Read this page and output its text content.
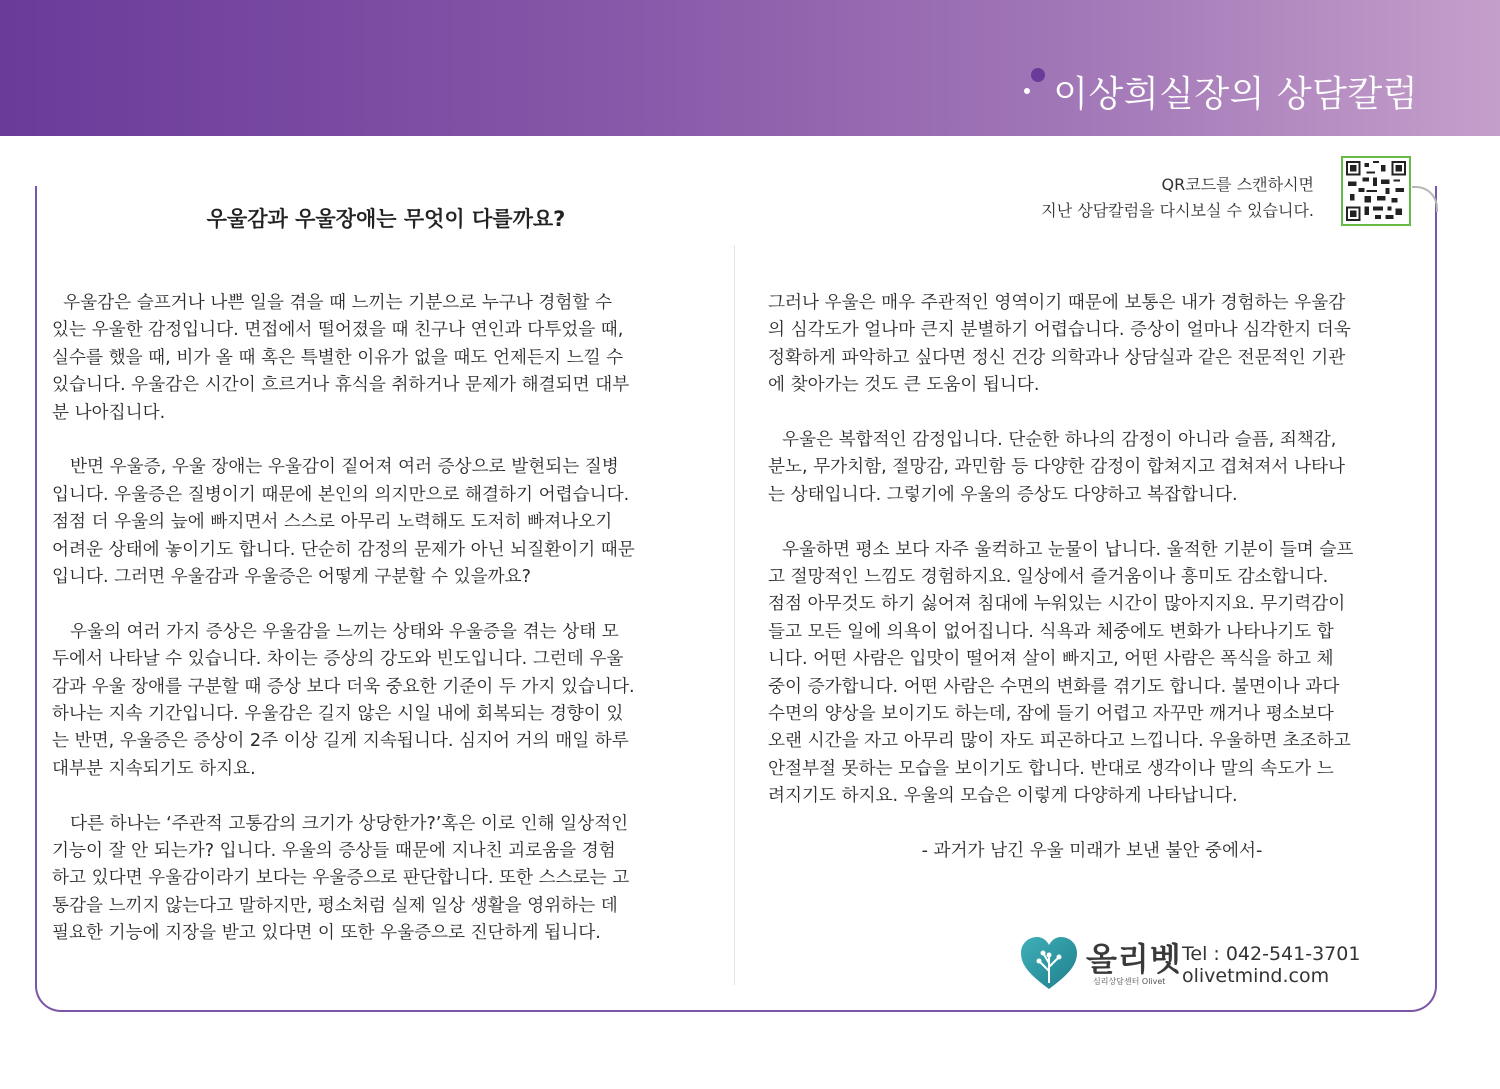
이상희실장의 상담칼럼
우울감과 우울장애는 무엇이 다를까요?
QR코드를 스캔하시면
지난 상담칼럼을 다시보실 수 있습니다.
우울감은 슬프거나 나쁜 일을 겪을 때 느끼는 기분으로 누구나 경험할 수
있는 우울한 감정입니다. 면접에서 떨어졌을 때 친구나 연인과 다투었을 때,
실수를 했을 때, 비가 올 때 혹은 특별한 이유가 없을 때도 언제든지 느낄 수
있습니다. 우울감은 시간이 흐르거나 휴식을 취하거나 문제가 해결되면 대부
분 나아집니다.
반면 우울증, 우울 장애는 우울감이 짙어져 여러 증상으로 발현되는 질병
입니다. 우울증은 질병이기 때문에 본인의 의지만으로 해결하기 어렵습니다.
점점 더 우울의 늪에 빠지면서 스스로 아무리 노력해도 도저히 빠져나오기
어려운 상태에 놓이기도 합니다. 단순히 감정의 문제가 아닌 뇌질환이기 때문
입니다. 그러면 우울감과 우울증은 어떻게 구분할 수 있을까요?
우울의 여러 가지 증상은 우울감을 느끼는 상태와 우울증을 겪는 상태 모
두에서 나타날 수 있습니다. 차이는 증상의 강도와 빈도입니다. 그런데 우울
감과 우울 장애를 구분할 때 증상 보다 더욱 중요한 기준이 두 가지 있습니다.
하나는 지속 기간입니다. 우울감은 길지 않은 시일 내에 회복되는 경향이 있
는 반면, 우울증은 증상이 2주 이상 길게 지속됩니다. 심지어 거의 매일 하루
대부분 지속되기도 하지요.
다른 하나는 ‘주관적 고통감의 크기가 상당한가?’혹은 이로 인해 일상적인
기능이 잘 안 되는가? 입니다. 우울의 증상들 때문에 지나친 괴로움을 경험
하고 있다면 우울감이라기 보다는 우울증으로 판단합니다. 또한 스스로는 고
통감을 느끼지 않는다고 말하지만, 평소처럼 실제 일상 생활을 영위하는 데
필요한 기능에 지장을 받고 있다면 이 또한 우울증으로 진단하게 됩니다.
그러나 우울은 매우 주관적인 영역이기 때문에 보통은 내가 경험하는 우울감
의 심각도가 얼나마 큰지 분별하기 어렵습니다. 증상이 얼마나 심각한지 더욱
정확하게 파악하고 싶다면 정신 건강 의학과나 상담실과 같은 전문적인 기관
에 찾아가는 것도 큰 도움이 됩니다.
우울은 복합적인 감정입니다. 단순한 하나의 감정이 아니라 슬픔, 죄책감,
분노, 무가치함, 절망감, 과민함 등 다양한 감정이 합쳐지고 겹쳐져서 나타나
는 상태입니다. 그렇기에 우울의 증상도 다양하고 복잡합니다.
우울하면 평소 보다 자주 울컥하고 눈물이 납니다. 울적한 기분이 들며 슬프
고 절망적인 느낌도 경험하지요. 일상에서 즐거움이나 흥미도 감소합니다.
점점 아무것도 하기 싫어져 침대에 누워있는 시간이 많아지지요. 무기력감이
들고 모든 일에 의욕이 없어집니다. 식욕과 체중에도 변화가 나타나기도 합
니다. 어떤 사람은 입맛이 떨어져 살이 빠지고, 어떤 사람은 폭식을 하고 체
중이 증가합니다. 어떤 사람은 수면의 변화를 겪기도 합니다. 불면이나 과다
수면의 양상을 보이기도 하는데, 잠에 들기 어렵고 자꾸만 깨거나 평소보다
오랜 시간을 자고 아무리 많이 자도 피곤하다고 느낍니다. 우울하면 초조하고
안절부절 못하는 모습을 보이기도 합니다. 반대로 생각이나 말의 속도가 느
려지기도 하지요. 우울의 모습은 이렇게 다양하게 나타납니다.
- 과거가 남긴 우울 미래가 보낸 불안 중에서-
올리벳
심리상담센터 Olivet
Tel : 042-541-3701
olivetmind.com
